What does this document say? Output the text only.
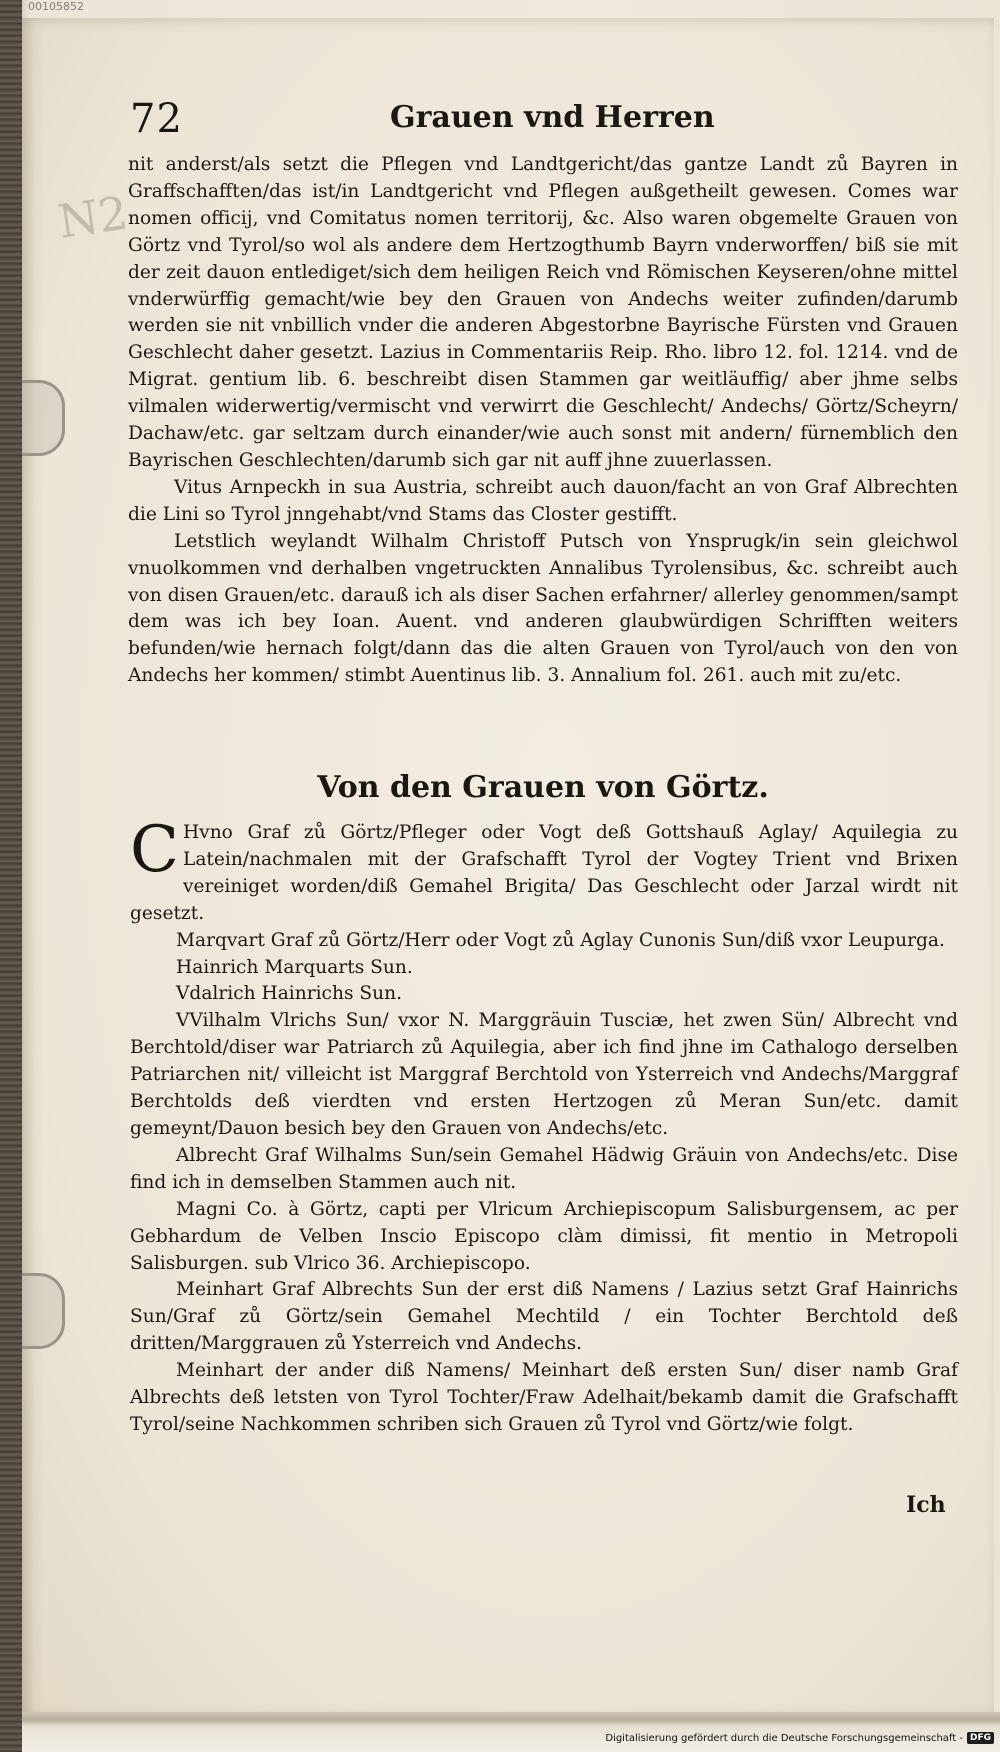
00105852
N2
72	Grauen vnd Herren

nit anderst/als setzt die Pflegen vnd Landtgericht/das gantze Landt zů Bayren in Graffschafften/das ist/in Landtgericht vnd Pflegen außgetheilt gewesen. Comes war nomen officij, vnd Comitatus nomen territorij, &c. Also waren obgemelte Grauen von Görtz vnd Tyrol/so wol als andere dem Hertzogthumb Bayrn vnderworffen/ biß sie mit der zeit dauon entlediget/sich dem heiligen Reich vnd Römischen Keyseren/ohne mittel vnderwürffig gemacht/wie bey den Grauen von Andechs weiter zufinden/darumb werden sie nit vnbillich vnder die anderen Abgestorbne Bayrische Fürsten vnd Grauen Geschlecht daher gesetzt. Lazius in Commentariis Reip. Rho. libro 12. fol. 1214. vnd de Migrat. gentium lib. 6. beschreibt disen Stammen gar weitläuffig/ aber jhme selbs vilmalen widerwertig/vermischt vnd verwirrt die Geschlecht/ Andechs/ Görtz/Scheyrn/ Dachaw/etc. gar seltzam durch einander/wie auch sonst mit andern/ fürnemblich den Bayrischen Geschlechten/darumb sich gar nit auff jhne zuuerlassen.

Vitus Arnpeckh in sua Austria, schreibt auch dauon/facht an von Graf Albrechten die Lini so Tyrol jnngehabt/vnd Stams das Closter gestifft.

Letstlich weylandt Wilhalm Christoff Putsch von Ynsprugk/in sein gleichwol vnuolkommen vnd derhalben vngetruckten Annalibus Tyrolensibus, &c. schreibt auch von disen Grauen/etc. darauß ich als diser Sachen erfahrner/ allerley genommen/sampt dem was ich bey Ioan. Auent. vnd anderen glaubwürdigen Schrifften weiters befunden/wie hernach folgt/dann das die alten Grauen von Tyrol/auch von den von Andechs her kommen/ stimbt Auentinus lib. 3. Annalium fol. 261. auch mit zu/etc.

Von den Grauen von Görtz.

C Hvno Graf zů Görtz/Pfleger oder Vogt deß Gottshauß Aglay/ Aquilegia zu Latein/nachmalen mit der Grafschafft Tyrol der Vogtey Trient vnd Brixen vereiniget worden/diß Gemahel Brigita/ Das Geschlecht oder Jarzal wirdt nit gesetzt.

Marqvart Graf zů Görtz/Herr oder Vogt zů Aglay Cunonis Sun/diß vxor Leupurga.

Hainrich Marquarts Sun.

Vdalrich Hainrichs Sun.

VVilhalm Vlrichs Sun/ vxor N. Marggräuin Tusciæ, het zwen Sün/ Albrecht vnd Berchtold/diser war Patriarch zů Aquilegia, aber ich find jhne im Cathalogo derselben Patriarchen nit/ villeicht ist Marggraf Berchtold von Ysterreich vnd Andechs/Marggraf Berchtolds deß vierdten vnd ersten Hertzogen zů Meran Sun/etc. damit gemeynt/Dauon besich bey den Grauen von Andechs/etc.

Albrecht Graf Wilhalms Sun/sein Gemahel Hädwig Gräuin von Andechs/etc. Dise find ich in demselben Stammen auch nit.

Magni Co. à Görtz, capti per Vlricum Archiepiscopum Salisburgensem, ac per Gebhardum de Velben Inscio Episcopo clàm dimissi, fit mentio in Metropoli Salisburgen. sub Vlrico 36. Archiepiscopo.

Meinhart Graf Albrechts Sun der erst diß Namens / Lazius setzt Graf Hainrichs Sun/Graf zů Görtz/sein Gemahel Mechtild / ein Tochter Berchtold deß dritten/Marggrauen zů Ysterreich vnd Andechs.

Meinhart der ander diß Namens/ Meinhart deß ersten Sun/ diser namb Graf Albrechts deß letsten von Tyrol Tochter/Fraw Adelhait/bekamb damit die Grafschafft Tyrol/seine Nachkommen schriben sich Grauen zů Tyrol vnd Görtz/wie folgt.

Ich
Digitalisierung gefördert durch die Deutsche Forschungsgemeinschaft - DFG
